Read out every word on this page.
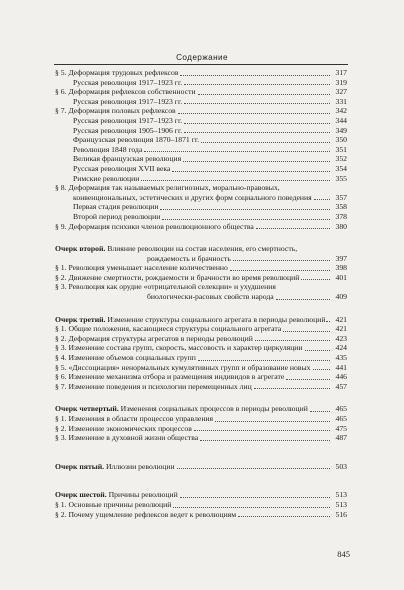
Содержание
§ 5. Деформация трудовых рефлексов	317
Русская революция 1917–1923 гг.	319
§ 6. Деформация рефлексов собственности	327
Русская революция 1917–1923 гг.	331
§ 7. Деформация половых рефлексов	342
Русская революция 1917–1923 гг.	344
Русская революция 1905–1906 гг.	349
Французская революция 1870–1871 гг.	350
Революция 1848 года	351
Великая французская революция	352
Русская революция XVII века	354
Римские революции	355
§ 8. Деформация так называемых религиозных, морально-правовых,
конвенциональных, эстетических и других форм социального поведения	357
Первая стадия революции	358
Второй период революции	378
§ 9. Деформация психики членов революционного общества	380
Очерк второй. Влияние революции на состав населения, его смертность,
рождаемость и брачность	397
§ 1. Революция уменьшает население количественно	398
§ 2. Движение смертности, рождаемости и брачности во время революций	401
§ 3. Революция как орудие «отрицательной селекции» и ухудшения
биологически-расовых свойств народа	409
Очерк третий. Изменение структуры социального агрегата в периоды революций	421
§ 1. Общие положения, касающиеся структуры социального агрегата	421
§ 2. Деформация структуры агрегатов в периоды революций	423
§ 3. Изменение состава групп, скорость, массовость и характер циркуляции	424
§ 4. Изменение объемов социальных групп	435
§ 5. «Диссоциация» ненормальных кумулятивных групп и образование новых	441
§ 6. Изменение механизма отбора и размещения индивидов в агрегате	446
§ 7. Изменение поведения и психологии перемещенных лиц	457
Очерк четвертый. Изменения социальных процессов в периоды революций	465
§ 1. Изменения в области процессов управления	465
§ 2. Изменение экономических процессов	475
§ 3. Изменение в духовной жизни общества	487
Очерк пятый. Иллюзии революции	503
Очерк шестой. Причины революций	513
§ 1. Основные причины революций	513
§ 2. Почему ущемление рефлексов ведет к революциям	516
845
